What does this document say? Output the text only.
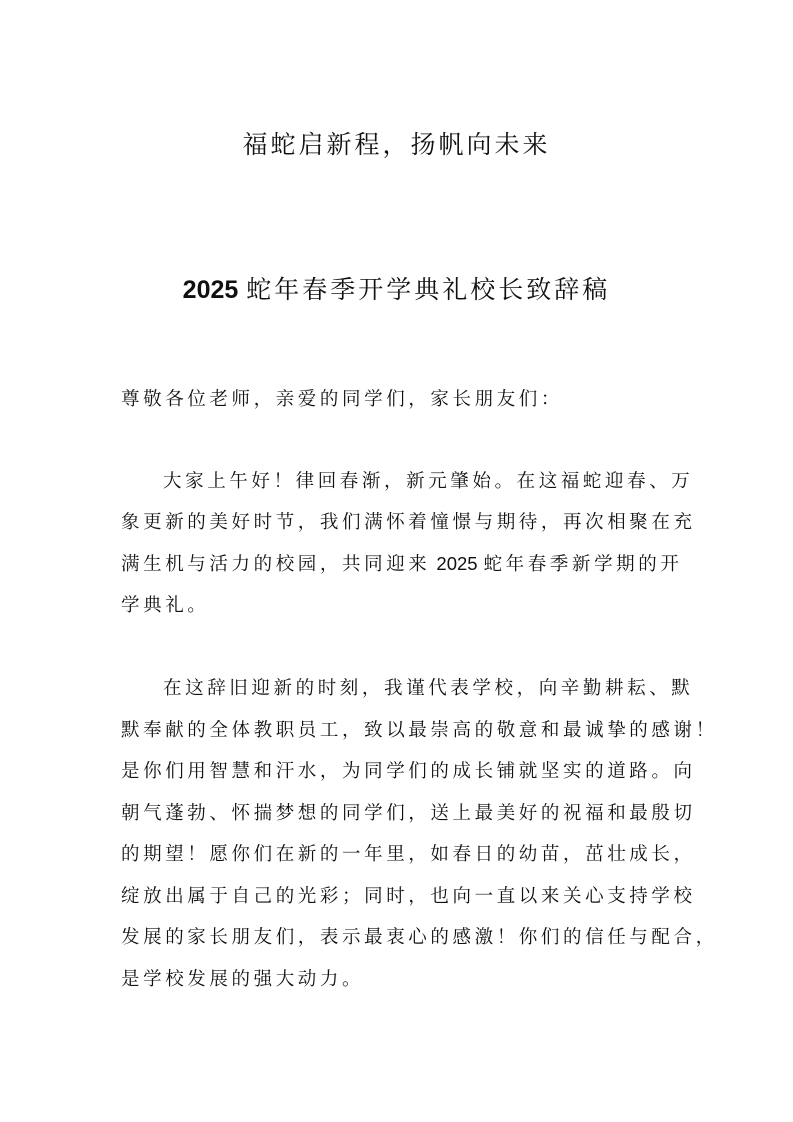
福蛇启新程，扬帆向未来
2025 蛇年春季开学典礼校长致辞稿
尊敬各位老师，亲爱的同学们，家长朋友们：
大家上午好！律回春渐，新元肇始。在这福蛇迎春、万
象更新的美好时节，我们满怀着憧憬与期待，再次相聚在充
满生机与活力的校园，共同迎来 2025 蛇年春季新学期的开
学典礼。
在这辞旧迎新的时刻，我谨代表学校，向辛勤耕耘、默
默奉献的全体教职员工，致以最崇高的敬意和最诚挚的感谢！
是你们用智慧和汗水，为同学们的成长铺就坚实的道路。向
朝气蓬勃、怀揣梦想的同学们，送上最美好的祝福和最殷切
的期望！愿你们在新的一年里，如春日的幼苗，茁壮成长，
绽放出属于自己的光彩；同时，也向一直以来关心支持学校
发展的家长朋友们，表示最衷心的感激！你们的信任与配合，
是学校发展的强大动力。
